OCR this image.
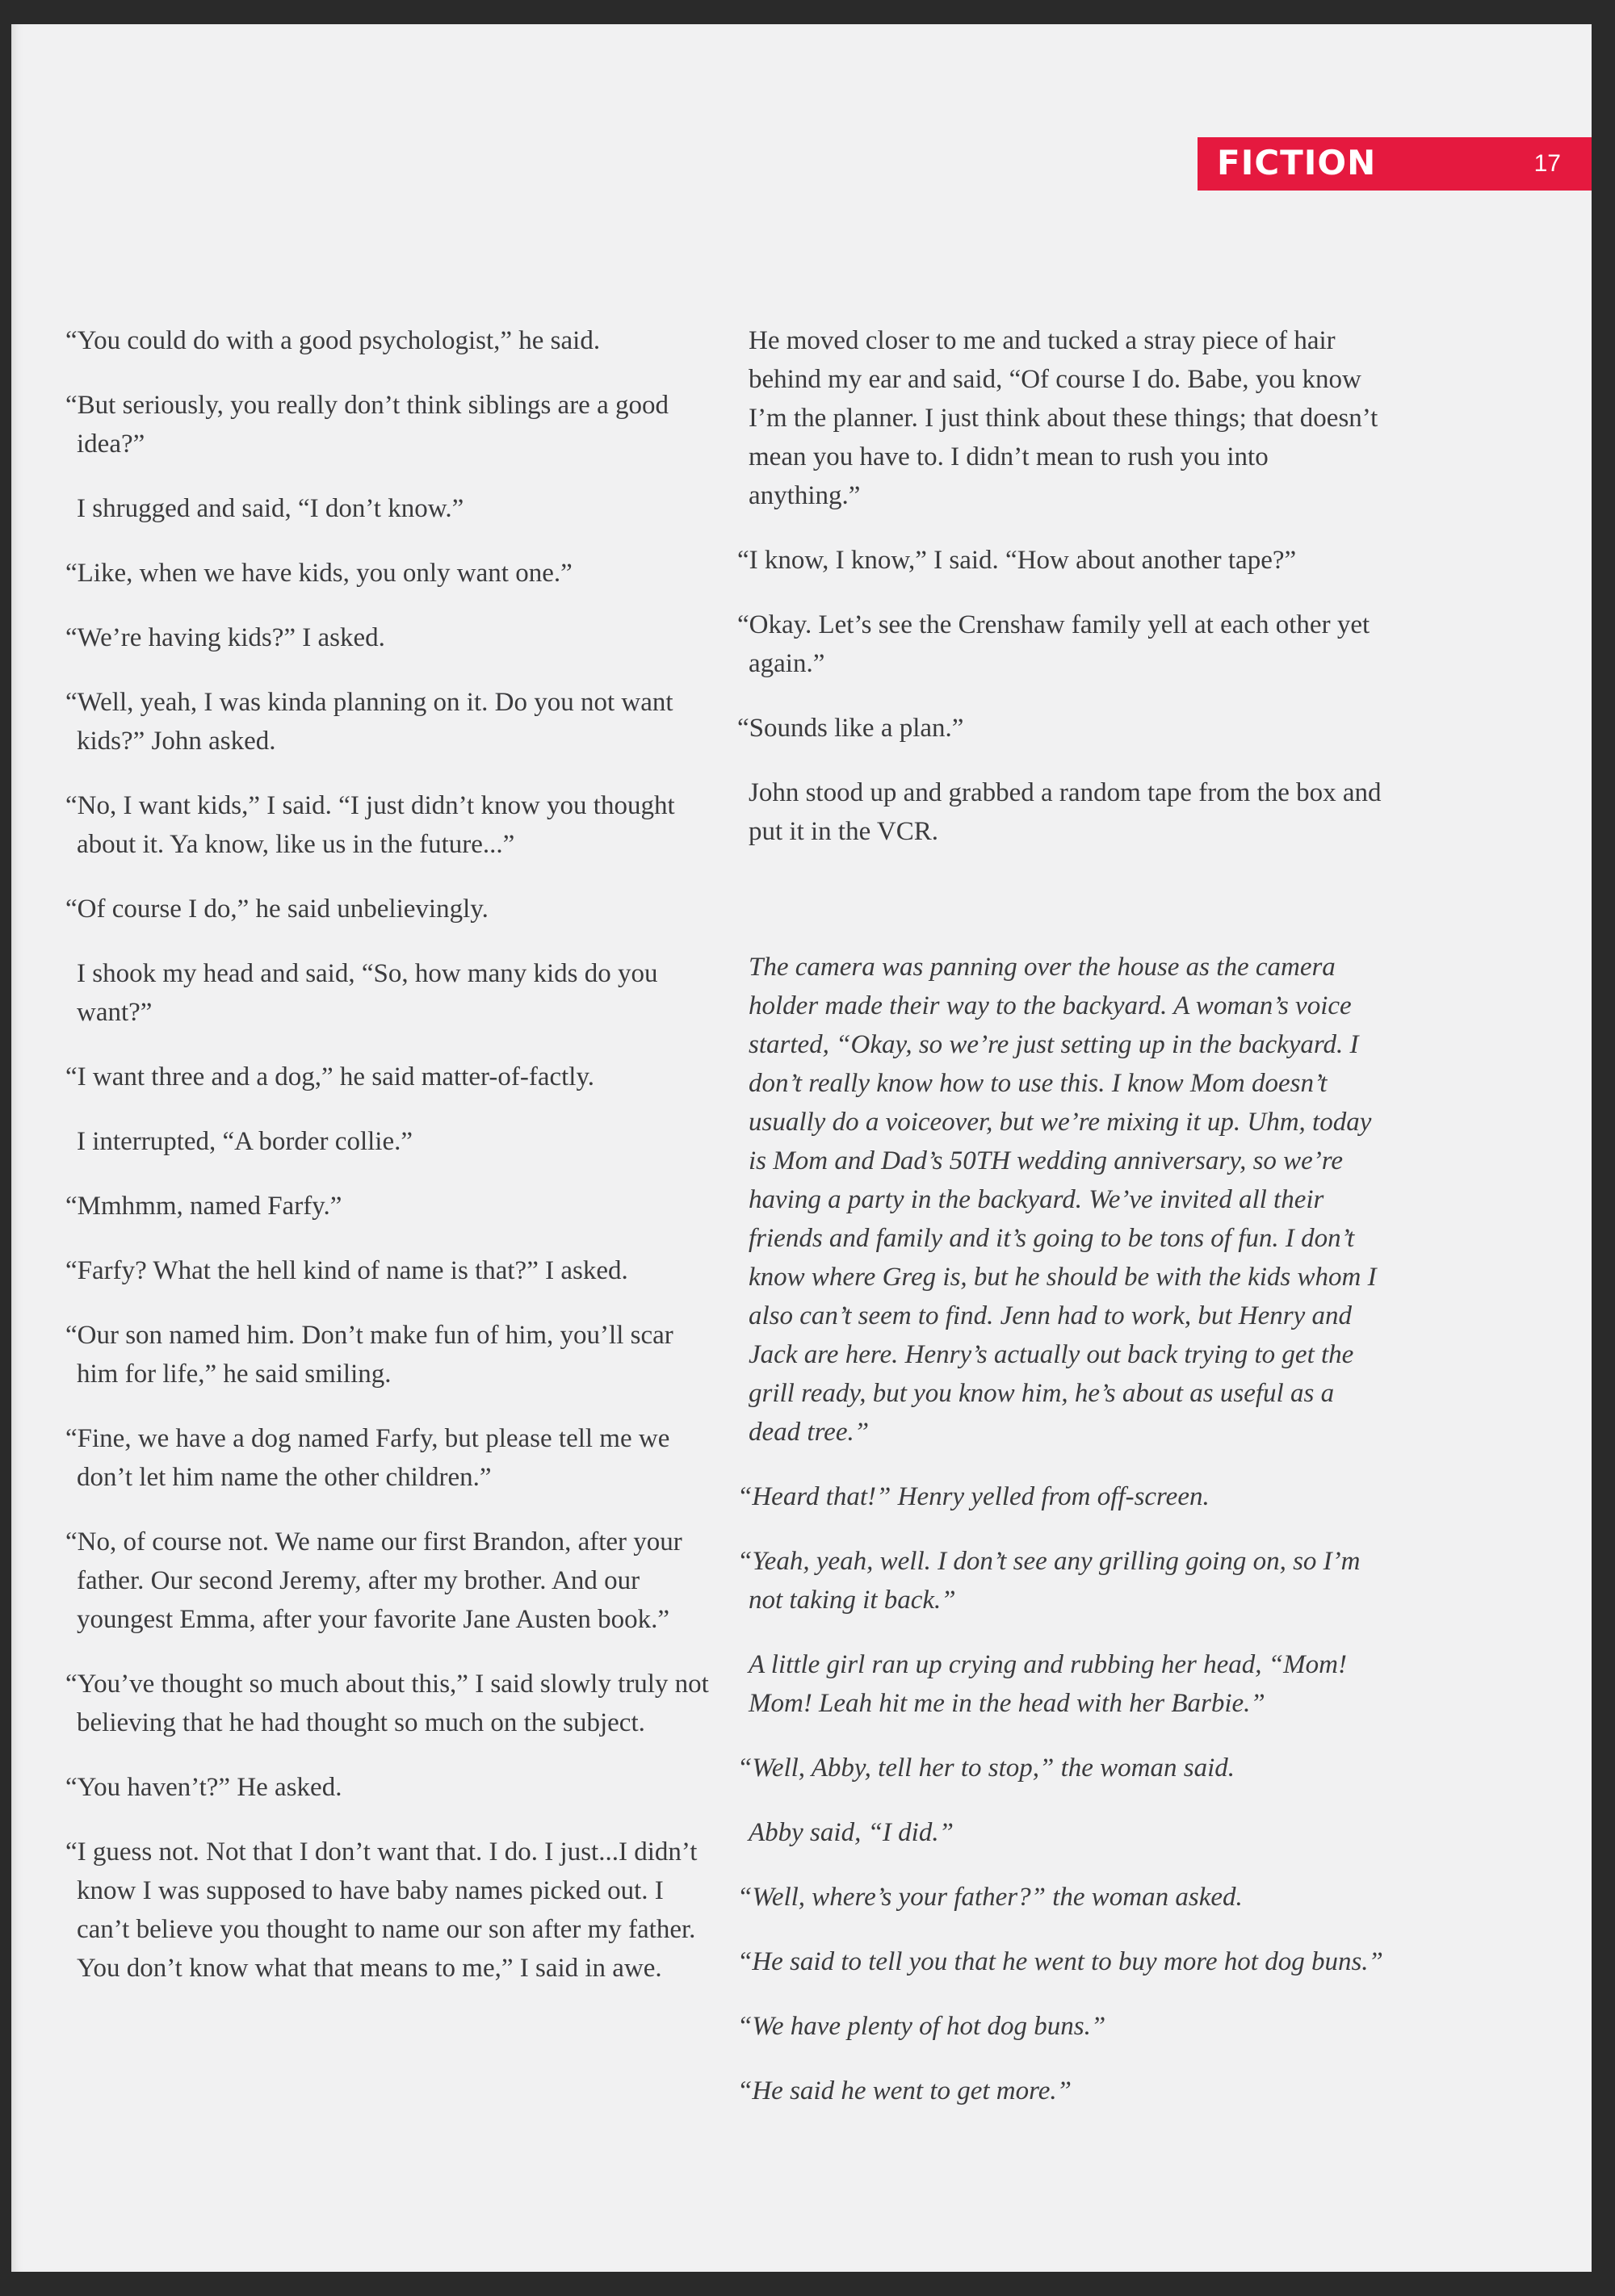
FICTION	17

“You could do with a good psychologist,” he said.

“But seriously, you really don’t think siblings are a good idea?”

I shrugged and said, “I don’t know.”

“Like, when we have kids, you only want one.”

“We’re having kids?” I asked.

“Well, yeah, I was kinda planning on it. Do you not want kids?” John asked.

“No, I want kids,” I said. “I just didn’t know you thought about it. Ya know, like us in the future...”

“Of course I do,” he said unbelievingly.

I shook my head and said, “So, how many kids do you want?”

“I want three and a dog,” he said matter-of-factly.

I interrupted, “A border collie.”

“Mmhmm, named Farfy.”

“Farfy? What the hell kind of name is that?” I asked.

“Our son named him. Don’t make fun of him, you’ll scar him for life,” he said smiling.

“Fine, we have a dog named Farfy, but please tell me we don’t let him name the other children.”

“No, of course not. We name our first Brandon, after your father. Our second Jeremy, after my brother. And our youngest Emma, after your favorite Jane Austen book.”

“You’ve thought so much about this,” I said slowly truly not believing that he had thought so much on the subject.

“You haven’t?” He asked.

“I guess not. Not that I don’t want that. I do. I just...I didn’t know I was supposed to have baby names picked out. I can’t believe you thought to name our son after my father. You don’t know what that means to me,” I said in awe.

He moved closer to me and tucked a stray piece of hair behind my ear and said, “Of course I do. Babe, you know I’m the planner. I just think about these things; that doesn’t mean you have to. I didn’t mean to rush you into anything.”

“I know, I know,” I said. “How about another tape?”

“Okay. Let’s see the Crenshaw family yell at each other yet again.”

“Sounds like a plan.”

John stood up and grabbed a random tape from the box and put it in the VCR.

The camera was panning over the house as the camera holder made their way to the backyard. A woman’s voice started, “Okay, so we’re just setting up in the backyard. I don’t really know how to use this. I know Mom doesn’t usually do a voiceover, but we’re mixing it up. Uhm, today is Mom and Dad’s 50TH wedding anniversary, so we’re having a party in the backyard. We’ve invited all their friends and family and it’s going to be tons of fun. I don’t know where Greg is, but he should be with the kids whom I also can’t seem to find. Jenn had to work, but Henry and Jack are here. Henry’s actually out back trying to get the grill ready, but you know him, he’s about as useful as a dead tree.”

“Heard that!” Henry yelled from off-screen.

“Yeah, yeah, well. I don’t see any grilling going on, so I’m not taking it back.”

A little girl ran up crying and rubbing her head, “Mom! Mom! Leah hit me in the head with her Barbie.”

“Well, Abby, tell her to stop,” the woman said.

Abby said, “I did.”

“Well, where’s your father?” the woman asked.

“He said to tell you that he went to buy more hot dog buns.”

“We have plenty of hot dog buns.”

“He said he went to get more.”
